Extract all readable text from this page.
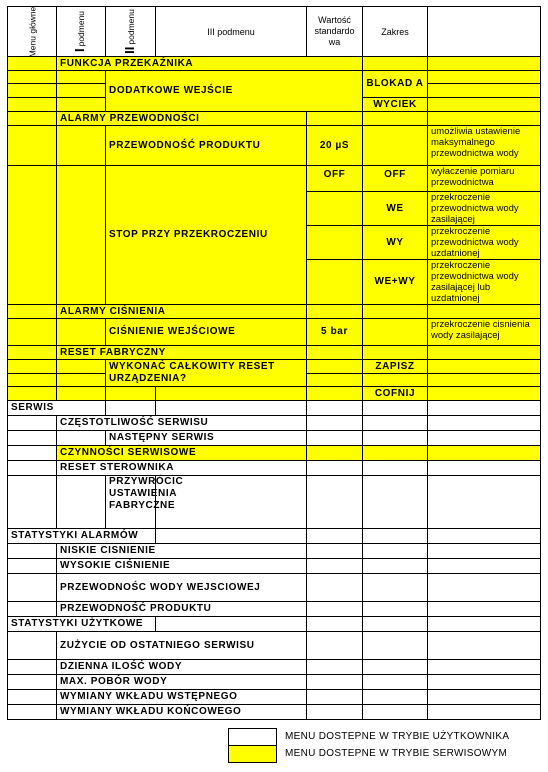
Menu główne	Ipodmenu	IIpodmenu	III podmenu	Wartość standardo wa	Zakres	
	FUNKCJA PRZEKAŹNIKA					
		DODATKOWE WEJŚCIE			BLOKAD A	

					WYCIEK	
	ALARMY PRZEWODNOŚCI					
		PRZEWODNOŚĆ PRODUKTU		20 µS		umożliwia ustawienie maksymalnego przewodnictwa wody
		STOP PRZY PRZEKROCZENIU		OFF	OFF	wyłaczenie pomiaru przewodnictwa
					WE	przekroczenie przewodnictwa wody zasilającej
					WY	przekroczenie przewodnictwa wody uzdatnionej
					WE+WY	przekroczenie przewodnictwa wody zasilającej lub uzdatnionej
	ALARMY CIŚNIENIA					
		CIŚNIENIE WEJŚCIOWE		5 bar		przekroczenie cisnienia wody zasilającej
	RESET FABRYCZNY					
		WYKONAĆ CAŁKOWITY RESET URZĄDZENIA?			ZAPISZ	

					COFNIJ	
SERWIS						
	CZĘSTOTLIWOŚĆ SERWISU					
		NASTĘPNY SERWIS				
	CZYNNOŚCI SERWISOWE					
	RESET STEROWNIKA					
		PRZYWRÓCIC USTAWIENIA FABRYCZNE				
STATYSTYKI ALARMÓW						
	NISKIE CISNIENIE					
	WYSOKIE CIŚNIENIE					
	PRZEWODNOŚC WODY WEJSCIOWEJ					
	PRZEWODNOŚĆ PRODUKTU					
STATYSTYKI UŻYTKOWE						
	ZUŻYCIE OD OSTATNIEGO SERWISU					
	DZIENNA ILOŚĆ WODY					
	MAX. POBÓR WODY					
	WYMIANY WKŁADU WSTĘPNEGO					
	WYMIANY WKŁADU KOŃCOWEGO					
MENU DOSTEPNE W TRYBIE UŻYTKOWNIKA
MENU DOSTEPNE W TRYBIE SERWISOWYM
